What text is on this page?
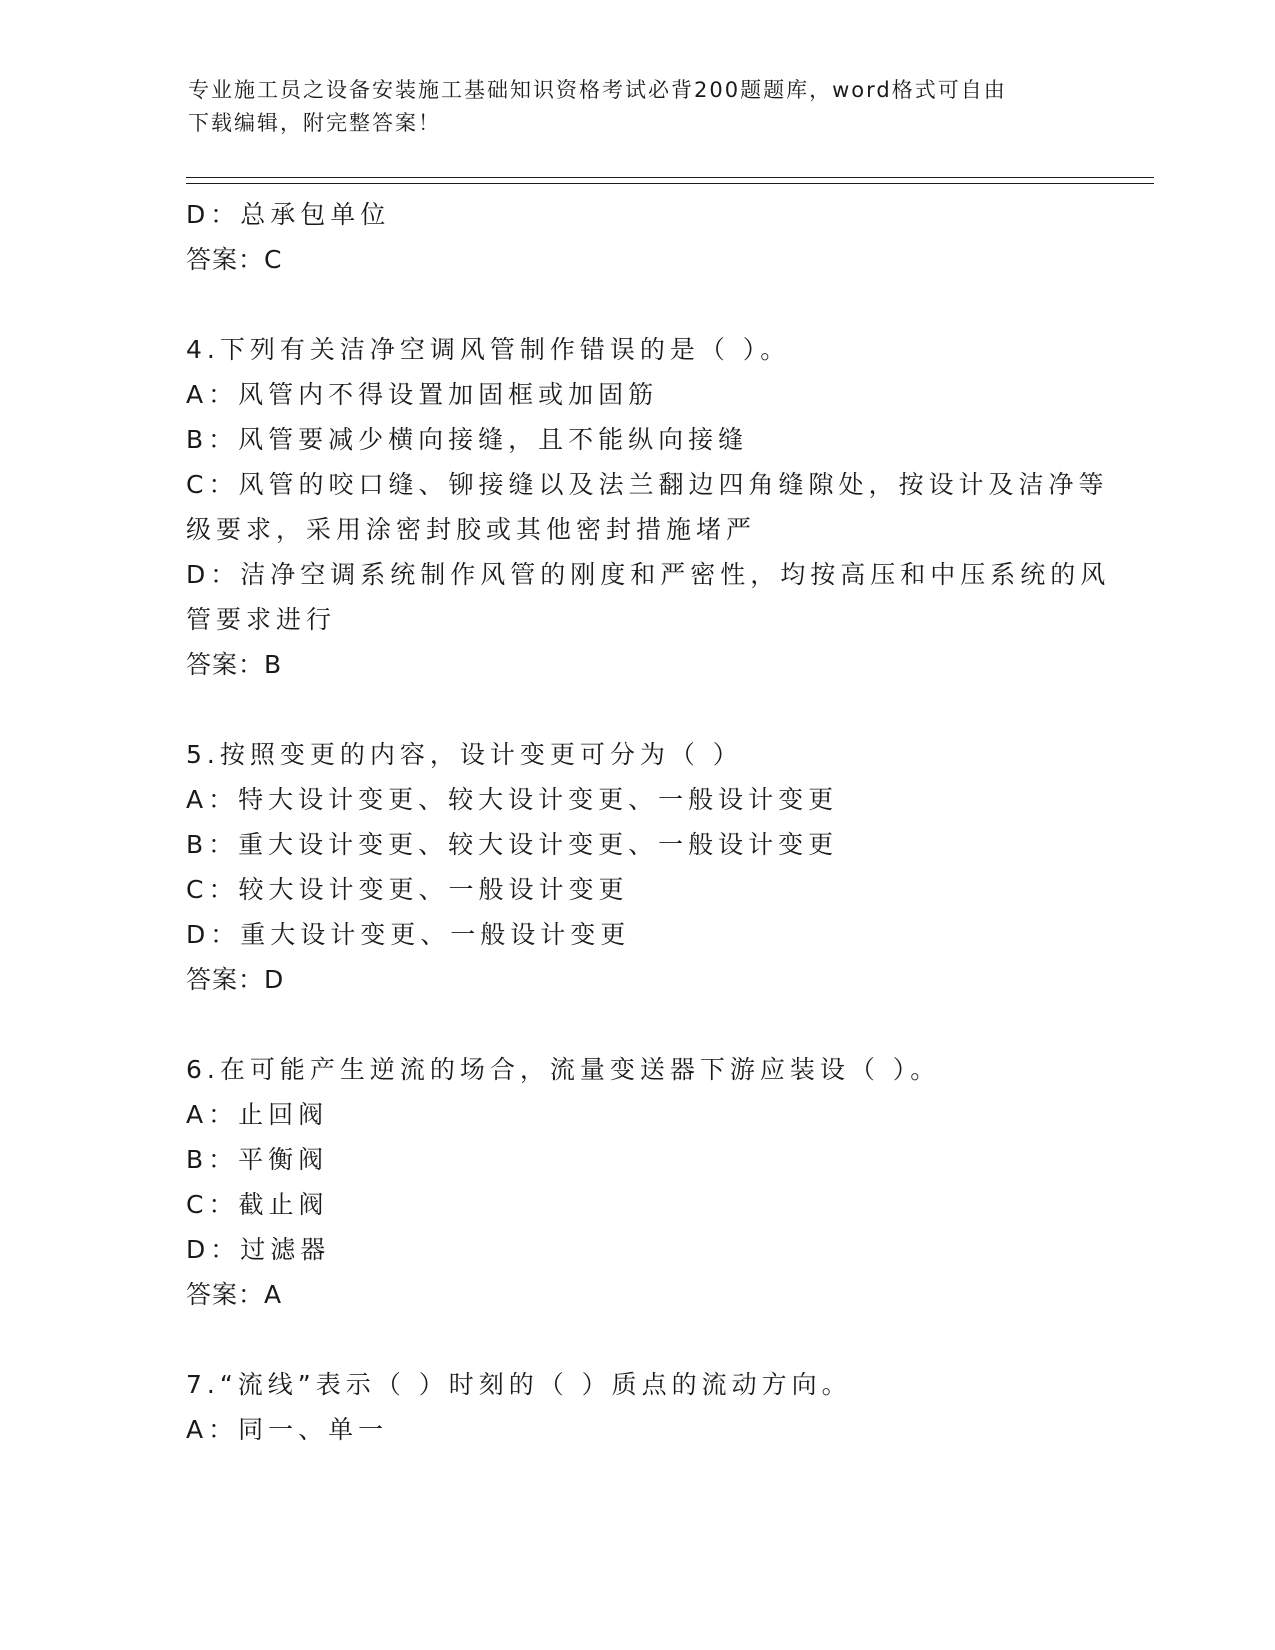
专业施工员之设备安装施工基础知识资格考试必背200题题库，word格式可自由
下载编辑，附完整答案！

D：总承包单位

答案：C

4.下列有关洁净空调风管制作错误的是（ ）。

A：风管内不得设置加固框或加固筋

B：风管要减少横向接缝，且不能纵向接缝

C：风管的咬口缝、铆接缝以及法兰翻边四角缝隙处，按设计及洁净等

级要求，采用涂密封胶或其他密封措施堵严

D：洁净空调系统制作风管的刚度和严密性，均按高压和中压系统的风

管要求进行

答案：B

5.按照变更的内容，设计变更可分为（ ）

A：特大设计变更、较大设计变更、一般设计变更

B：重大设计变更、较大设计变更、一般设计变更

C：较大设计变更、一般设计变更

D：重大设计变更、一般设计变更

答案：D

6.在可能产生逆流的场合，流量变送器下游应装设（ ）。

A：止回阀

B：平衡阀

C：截止阀

D：过滤器

答案：A

7.“流线”表示（ ）时刻的（ ）质点的流动方向。

A：同一、单一
